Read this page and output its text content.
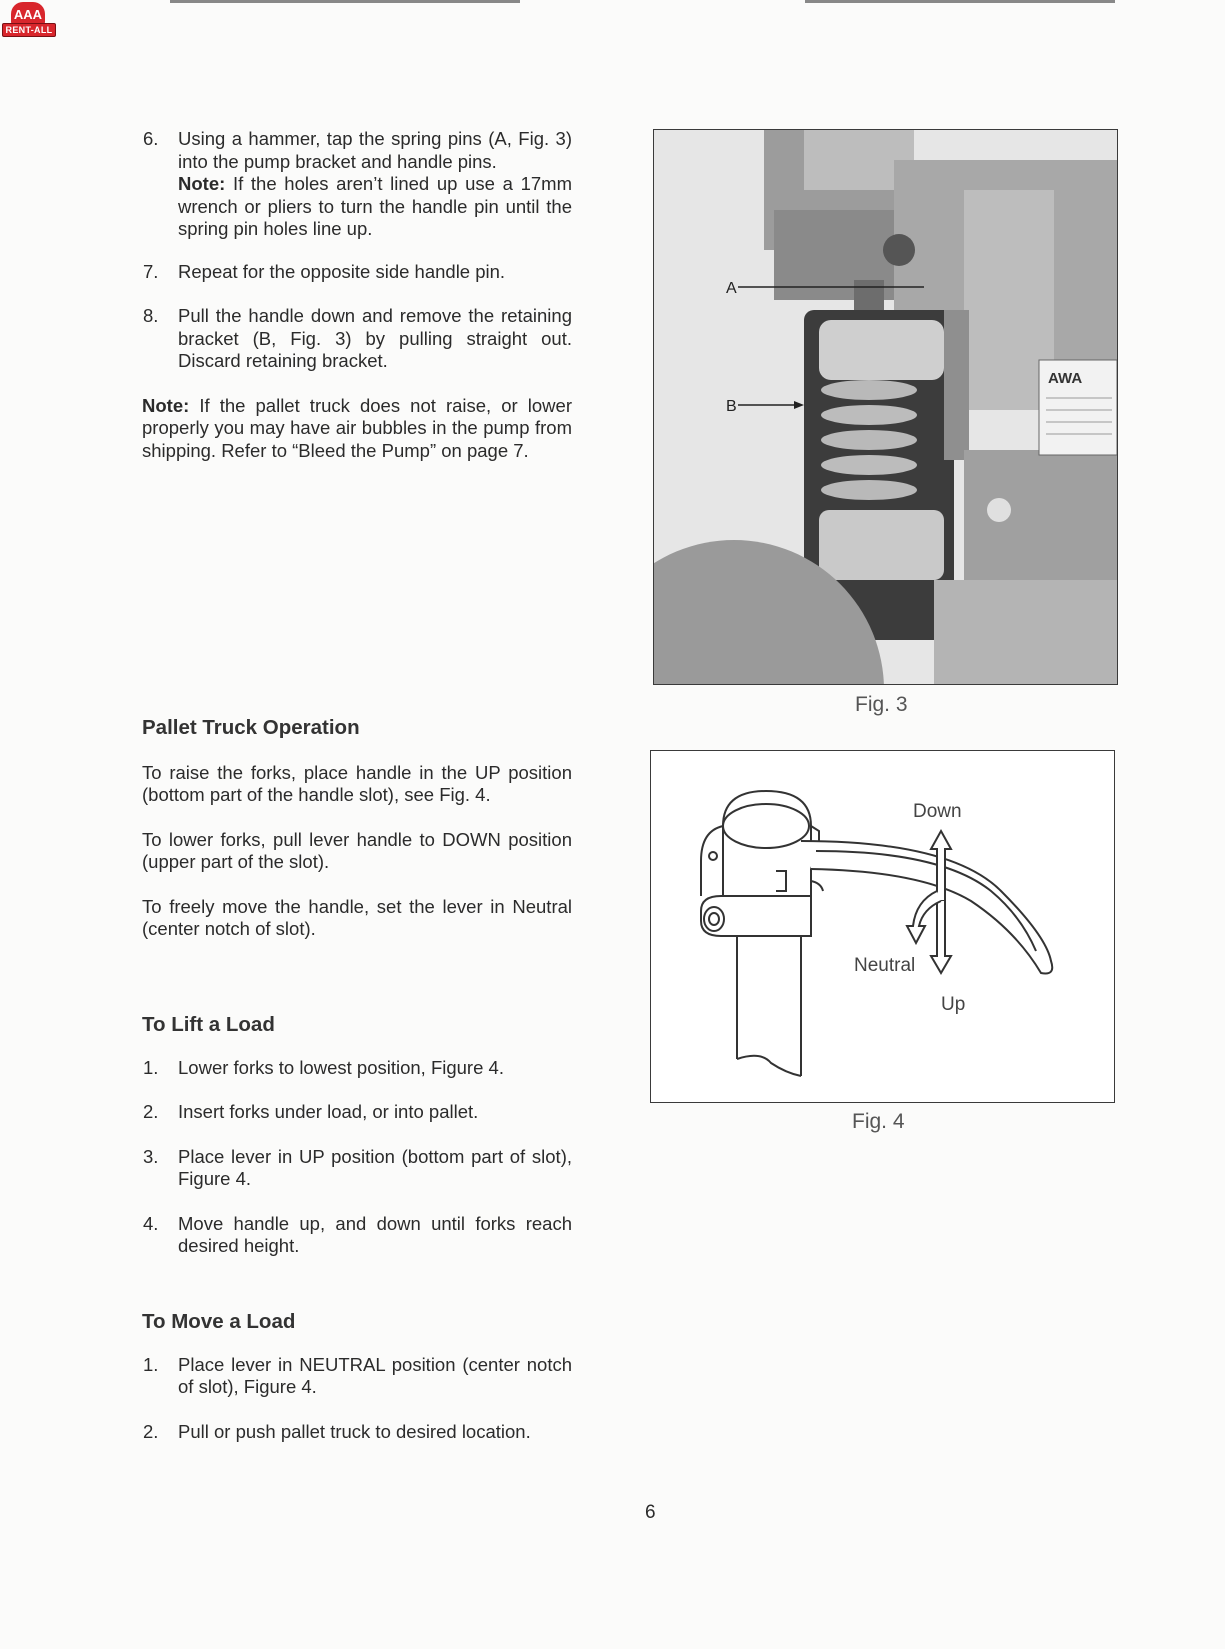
AAA
RENT-ALL
6. Using a hammer, tap the spring pins (A, Fig. 3) into the pump bracket and handle pins.
Note: If the holes aren’t lined up use a 17mm wrench or pliers to turn the handle pin until the spring pin holes line up.
7. Repeat for the opposite side handle pin.
8. Pull the handle down and remove the retaining bracket (B, Fig. 3) by pulling straight out. Discard retaining bracket.

Note: If the pallet truck does not raise, or lower properly you may have air bubbles in the pump from shipping. Refer to “Bleed the Pump” on page 7.

Pallet Truck Operation

To raise the forks, place handle in the UP position (bottom part of the handle slot), see Fig. 4.

To lower forks, pull lever handle to DOWN position (upper part of the slot).

To freely move the handle, set the lever in Neutral (center notch of slot).

To Lift a Load
1. Lower forks to lowest position, Figure 4.
2. Insert forks under load, or into pallet.
3. Place lever in UP position (bottom part of slot), Figure 4.
4. Move handle up, and down until forks reach desired height.
To Move a Load
1. Place lever in NEUTRAL position (center notch of slot), Figure 4.
2. Pull or push pallet truck to desired location.
AWA
A
B
Fig. 3
Down
Neutral
Up
Fig. 4
6
